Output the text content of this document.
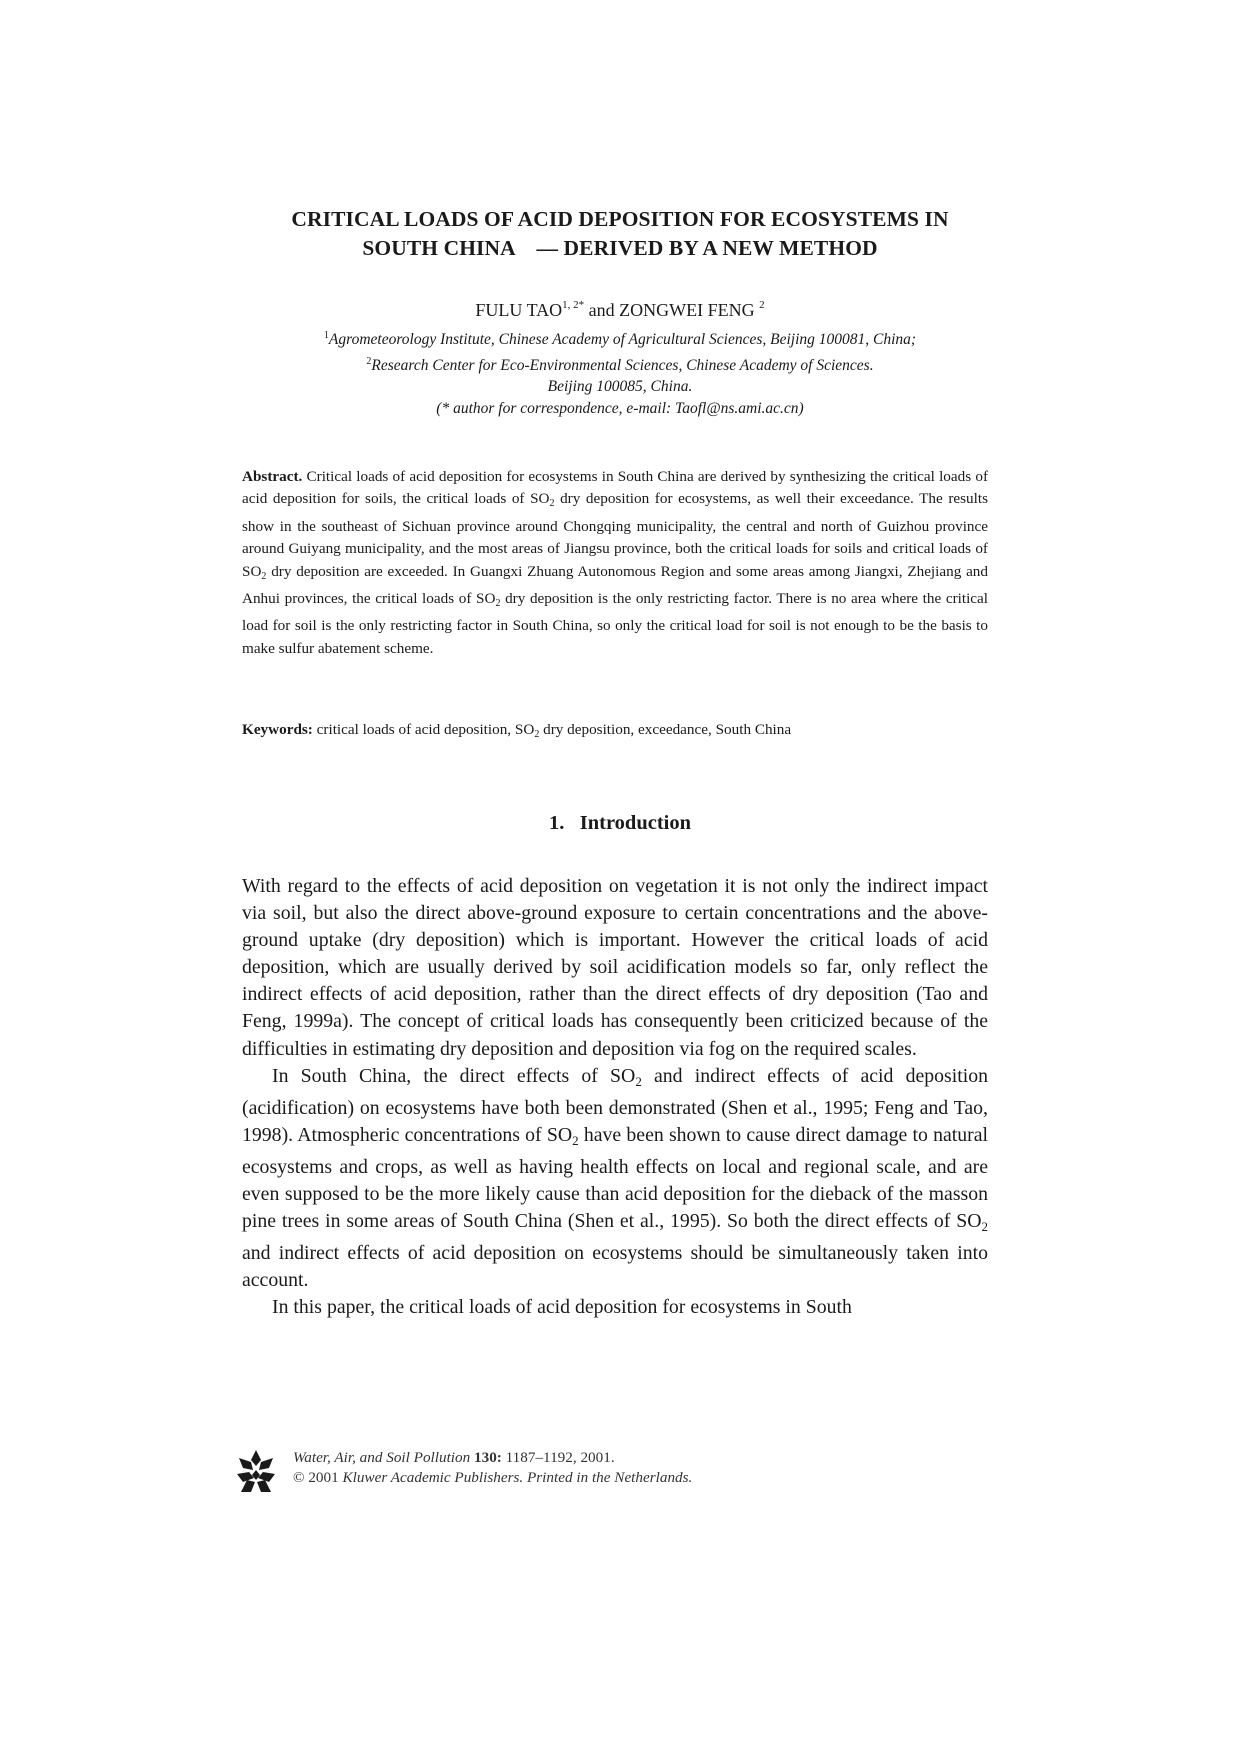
CRITICAL LOADS OF ACID DEPOSITION FOR ECOSYSTEMS IN
SOUTH CHINA    — DERIVED BY A NEW METHOD
FULU $TAO^{1, 2*}$ and ZONGWEI FENG $^2$
$^1$Agrometeorology Institute, Chinese Academy of Agricultural Sciences, Beijing 100081, China;
$^2$Research Center for Eco-Environmental Sciences, Chinese Academy of Sciences.
Beijing 100085, China.
(* author for correspondence, e-mail: Taofl@ns.ami.ac.cn)
Abstract. Critical loads of acid deposition for ecosystems in South China are derived by synthesizing the critical loads of acid deposition for soils, the critical loads of $SO_2$ dry deposition for ecosystems, as well their exceedance. The results show in the southeast of Sichuan province around Chongqing municipality, the central and north of Guizhou province around Guiyang municipality, and the most areas of Jiangsu province, both the critical loads for soils and critical loads of $SO_2$ dry deposition are exceeded. In Guangxi Zhuang Autonomous Region and some areas among Jiangxi, Zhejiang and Anhui provinces, the critical loads of $SO_2$ dry deposition is the only restricting factor. There is no area where the critical load for soil is the only restricting factor in South China, so only the critical load for soil is not enough to be the basis to make sulfur abatement scheme.
Keywords: critical loads of acid deposition, $SO_2$ dry deposition, exceedance, South China
1.   Introduction

With regard to the effects of acid deposition on vegetation it is not only the indirect impact via soil, but also the direct above-ground exposure to certain concentrations and the above-ground uptake (dry deposition) which is important. However the critical loads of acid deposition, which are usually derived by soil acidification models so far, only reflect the indirect effects of acid deposition, rather than the direct effects of dry deposition (Tao and Feng, 1999a). The concept of critical loads has consequently been criticized because of the difficulties in estimating dry deposition and deposition via fog on the required scales.

In South China, the direct effects of $SO_2$ and indirect effects of acid deposition (acidification) on ecosystems have both been demonstrated (Shen et al., 1995; Feng and Tao, 1998). Atmospheric concentrations of $SO_2$ have been shown to cause direct damage to natural ecosystems and crops, as well as having health effects on local and regional scale, and are even supposed to be the more likely cause than acid deposition for the dieback of the masson pine trees in some areas of South China (Shen et al., 1995). So both the direct effects of $SO_2$ and indirect effects of acid deposition on ecosystems should be simultaneously taken into account.

In this paper, the critical loads of acid deposition for ecosystems in South

Water, Air, and Soil Pollution 130: 1187–1192, 2001.
© 2001 Kluwer Academic Publishers. Printed in the Netherlands.
